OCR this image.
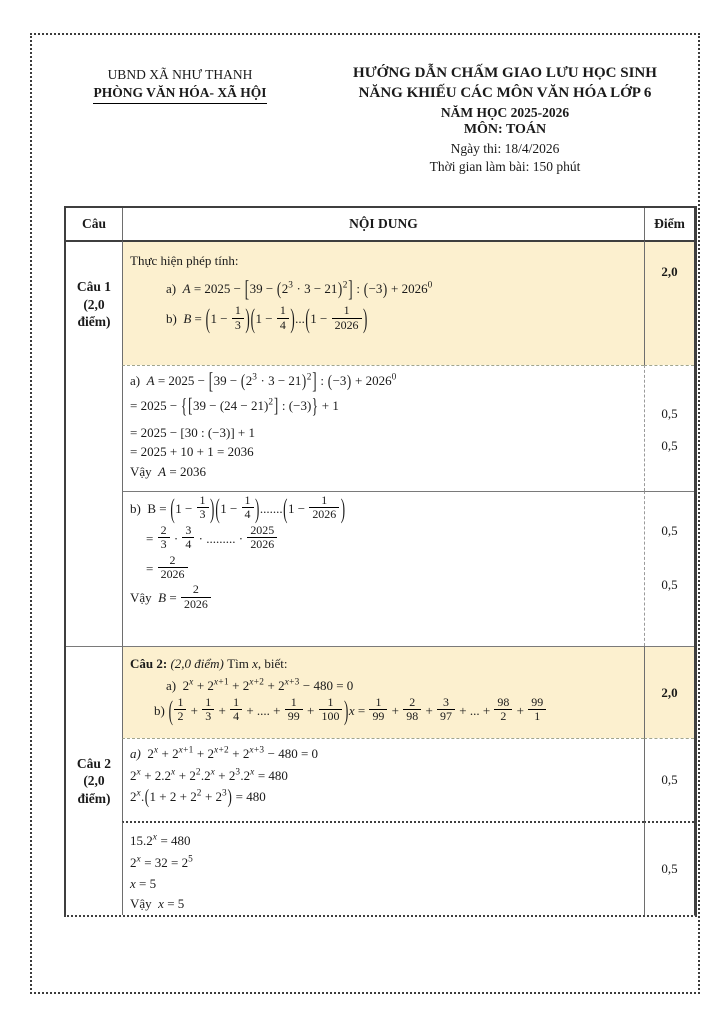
UBND XÃ NHƯ THANH
PHÒNG VĂN HÓA- XÃ HỘI
HƯỚNG DẪN CHẤM GIAO LƯU HỌC SINH
NĂNG KHIẾU CÁC MÔN VĂN HÓA LỚP 6
NĂM HỌC 2025-2026
MÔN: TOÁN
Ngày thi: 18/4/2026
Thời gian làm bài: 150 phút
Câu	NỘI DUNG	Điểm
Câu 1
(2,0
điểm)
Thực hiện phép tính:
a)  $A = 2025 - [39 - (2^3 \cdot 3 - 21)^2]$ : $(-3) + 2026^0$
b)  $B = (1 - \frac{1}{3} )(1 - \frac{1}{4} )...(1 - \frac{1}{2026}$ )
2,0
a)  $A = 2025 - [39 - (2^3 \cdot 3 - 21)^2]$ : $(-3) + 2026^0$
= $2025 - \{[39 - (24 - 21)^2]$ : (−3)} + 1
= 2025 − [30 : (−3)] + 1
= 2025 + 10 + 1 = 2036
Vậy  A = 2036
0,5
0,5
b)  $B = (1 - \frac{1}{3} )(1 - \frac{1}{4} ).......(1 - \frac{1}{2026}$ )
= $\frac{2}{3} \cdot \frac{3}{4}$ · ......... · $\frac{2025}{2026}$
= $\frac{2}{2026}$
Vậy  $B = \frac{2}{2026}$
0,5
0,5
Câu 2
(2,0
điểm)
Câu 2: (2,0 điểm) Tìm x, biết:
a)  $2^x + 2^{x+1} + 2^{x+2} + 2^{x+3} - 480 = 0$
b) ( $\frac{1}{2} + \frac{1}{3} + \frac{1}{4}$ + .... + $\frac{1}{99} + \frac{1}{100} )x = \frac{1}{99} + \frac{2}{98} + \frac{3}{97}$ + ... + $\frac{98}{2} + \frac{99}{1}$
2,0
a)  $2^x + 2^{x+1} + 2^{x+2} + 2^{x+3} - 480 = 0$
$2^x + 2.2^x + 2^2.2^x + 2^3.2^x = 480$
$2^x.(1 + 2 + 2^2 + 2^3) = 480$
0,5
$15.2^x = 480$
$2^x = 32 = 2^5$
x = 5
Vậy  x = 5
0,5
